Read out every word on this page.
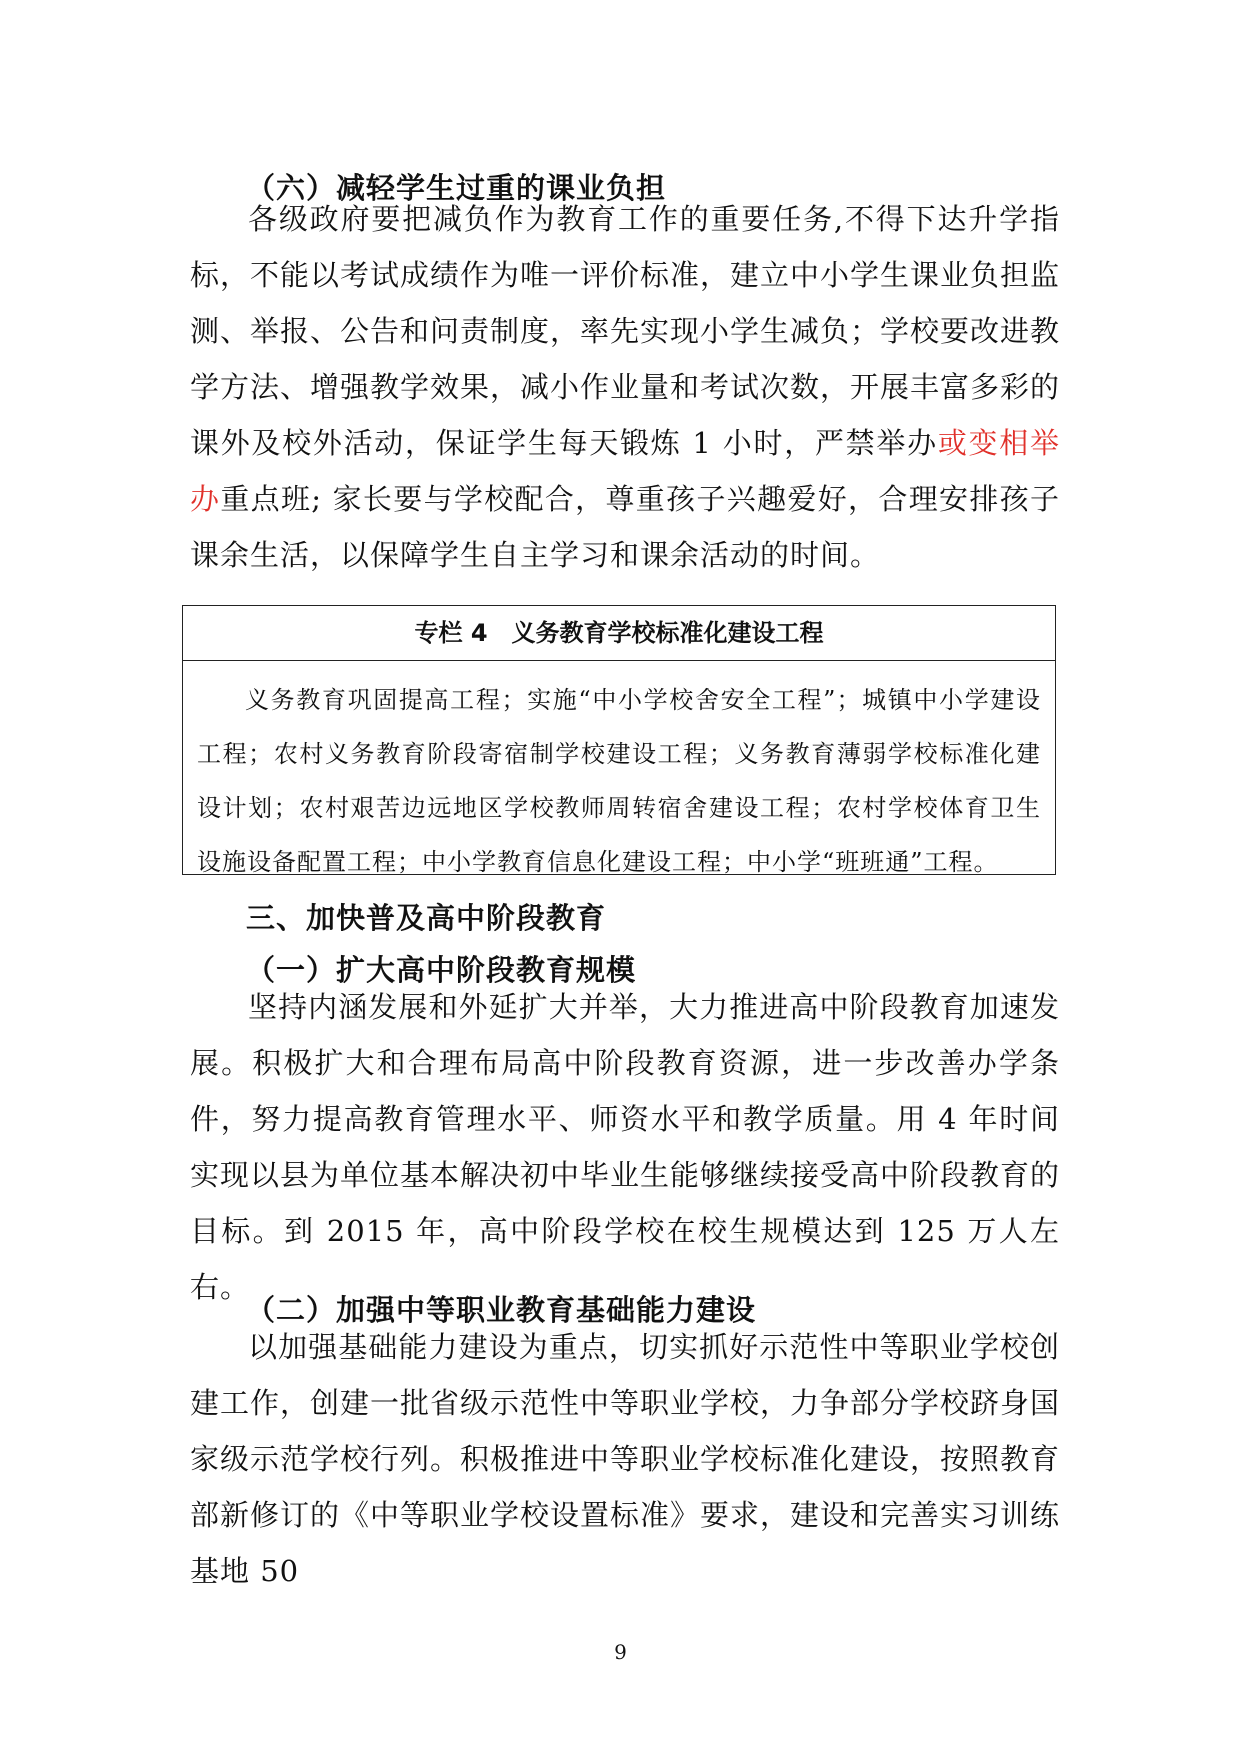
（六）减轻学生过重的课业负担

各级政府要把减负作为教育工作的重要任务,不得下达升学指标，不能以考试成绩作为唯一评价标准，建立中小学生课业负担监测、举报、公告和问责制度，率先实现小学生减负；学校要改进教学方法、增强教学效果，减小作业量和考试次数，开展丰富多彩的课外及校外活动，保证学生每天锻炼 1 小时，严禁举办或变相举办重点班; 家长要与学校配合，尊重孩子兴趣爱好，合理安排孩子课余生活，以保障学生自主学习和课余活动的时间。

专栏 4　义务教育学校标准化建设工程

义务教育巩固提高工程；实施“中小学校舍安全工程”；城镇中小学建设工程；农村义务教育阶段寄宿制学校建设工程；义务教育薄弱学校标准化建设计划；农村艰苦边远地区学校教师周转宿舍建设工程；农村学校体育卫生设施设备配置工程；中小学教育信息化建设工程；中小学“班班通”工程。

三、加快普及高中阶段教育
（一）扩大高中阶段教育规模

坚持内涵发展和外延扩大并举，大力推进高中阶段教育加速发展。积极扩大和合理布局高中阶段教育资源，进一步改善办学条件，努力提高教育管理水平、师资水平和教学质量。用 4 年时间实现以县为单位基本解决初中毕业生能够继续接受高中阶段教育的目标。到 2015 年，高中阶段学校在校生规模达到 125 万人左右。

（二）加强中等职业教育基础能力建设

以加强基础能力建设为重点，切实抓好示范性中等职业学校创建工作，创建一批省级示范性中等职业学校，力争部分学校跻身国家级示范学校行列。积极推进中等职业学校标准化建设，按照教育部新修订的《中等职业学校设置标准》要求，建设和完善实习训练基地 50

9
